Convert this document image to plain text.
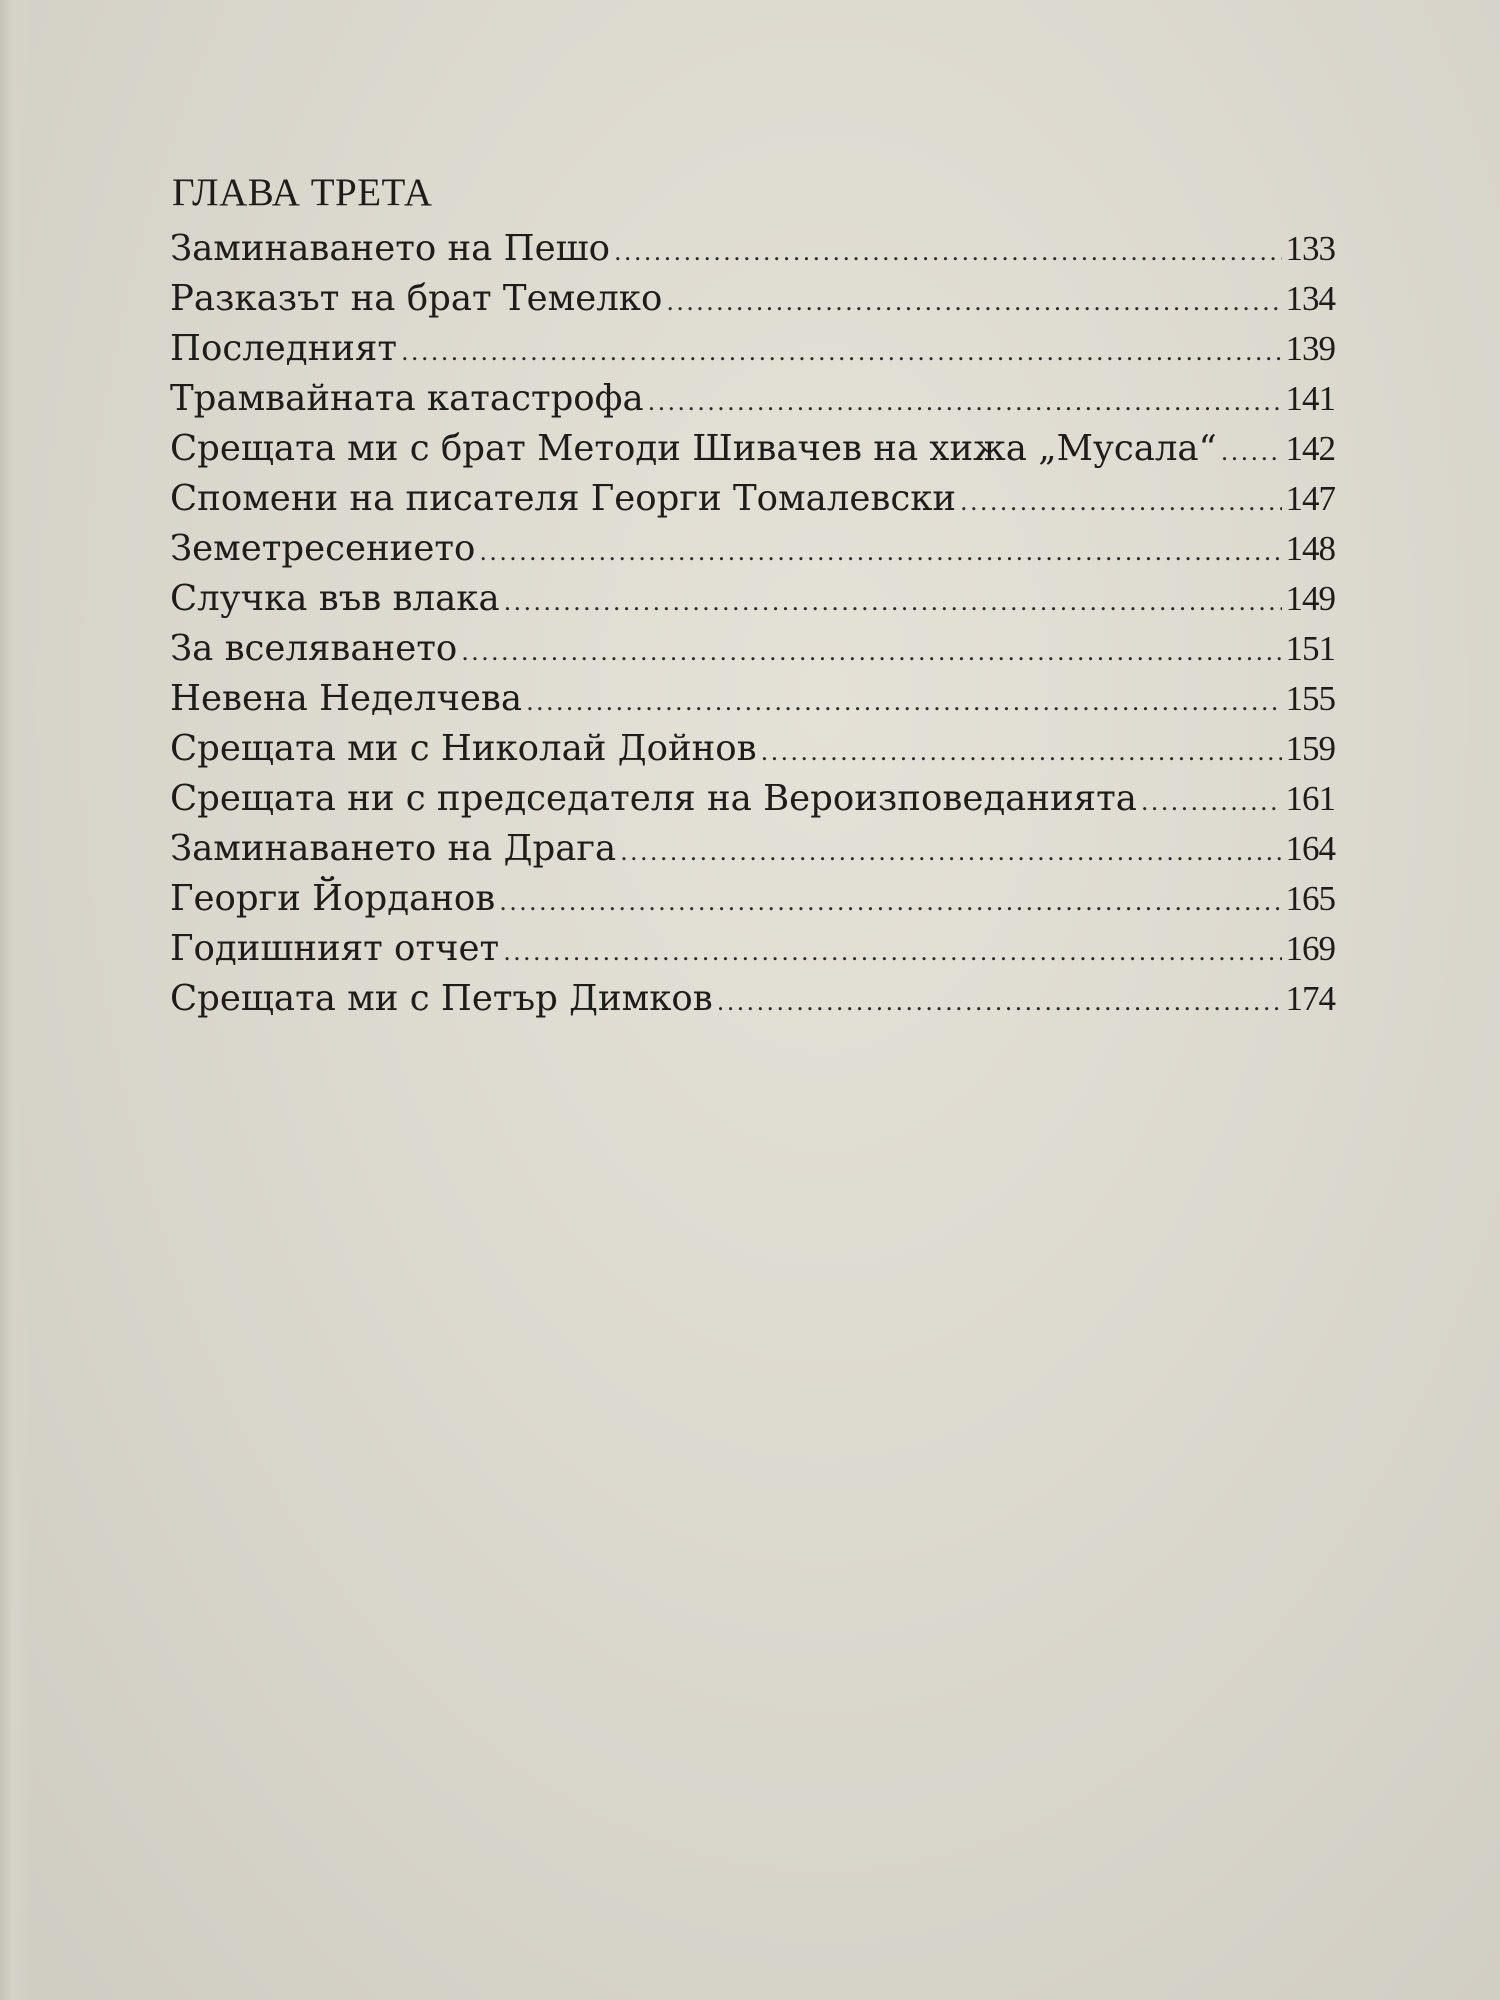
ГЛАВА ТРЕТА
Заминаването на Пешо .....	133
Разказът на брат Темелко .....	134
Последният .....	139
Трамвайната катастрофа .....	141
Срещата ми с брат Методи Шивачев на хижа „Мусала“ ..... 142
Спомени на писателя Георги Томалевски .....	147
Земетресението .....	148
Случка във влака .....	149
За вселяването .....	151
Невена Неделчева .....	155
Срещата ми с Николай Дойнов .....	159
Срещата ни с председателя на Вероизповеданията .....	161
Заминаването на Драга .....	164
Георги Йорданов .....	165
Годишният отчет .....	169
Срещата ми с Петър Димков .....	174
